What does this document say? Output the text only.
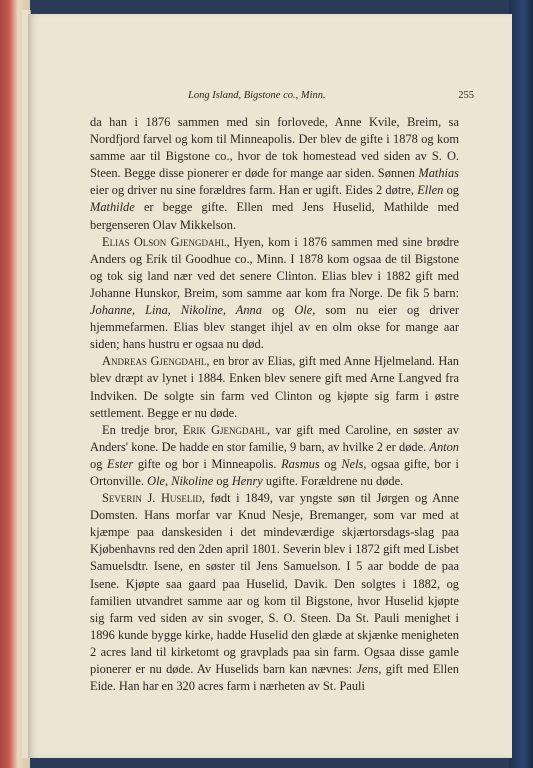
Long Island, Bigstone co., Minn.	255

da han i 1876 sammen med sin forlovede, Anne Kvile, Breim, sa Nordfjord farvel og kom til Minneapolis. Der blev de gifte i 1878 og kom samme aar til Bigstone co., hvor de tok homestead ved siden av S. O. Steen. Begge disse pionerer er døde for mange aar siden. Sønnen Mathias eier og driver nu sine forældres farm. Han er ugift. Eides 2 døtre, Ellen og Mathilde er begge gifte. Ellen med Jens Huselid, Mathilde med bergenseren Olav Mikkelson.

Elias Olson Gjengdahl, Hyen, kom i 1876 sammen med sine brødre Anders og Erik til Goodhue co., Minn. I 1878 kom ogsaa de til Bigstone og tok sig land nær ved det senere Clinton. Elias blev i 1882 gift med Johanne Hunskor, Breim, som samme aar kom fra Norge. De fik 5 barn: Johanne, Lina, Nikoline, Anna og Ole, som nu eier og driver hjemmefarmen. Elias blev stanget ihjel av en olm okse for mange aar siden; hans hustru er ogsaa nu død.

Andreas Gjengdahl, en bror av Elias, gift med Anne Hjelmeland. Han blev dræpt av lynet i 1884. Enken blev senere gift med Arne Langved fra Indviken. De solgte sin farm ved Clinton og kjøpte sig farm i østre settlement. Begge er nu døde.

En tredje bror, Erik Gjengdahl, var gift med Caroline, en søster av Anders' kone. De hadde en stor familie, 9 barn, av hvilke 2 er døde. Anton og Ester gifte og bor i Minneapolis. Rasmus og Nels, ogsaa gifte, bor i Ortonville. Ole, Nikoline og Henry ugifte. Forældrene nu døde.

Severin J. Huselid, født i 1849, var yngste søn til Jørgen og Anne Domsten. Hans morfar var Knud Nesje, Bremanger, som var med at kjæmpe paa danskesiden i det mindeværdige skjærtorsdags-slag paa Kjøbenhavns red den 2den april 1801. Severin blev i 1872 gift med Lisbet Samuelsdtr. Isene, en søster til Jens Samuelson. I 5 aar bodde de paa Isene. Kjøpte saa gaard paa Huselid, Davik. Den solgtes i 1882, og familien utvandret samme aar og kom til Bigstone, hvor Huselid kjøpte sig farm ved siden av sin svoger, S. O. Steen. Da St. Pauli menighet i 1896 kunde bygge kirke, hadde Huselid den glæde at skjænke menigheten 2 acres land til kirketomt og gravplads paa sin farm. Ogsaa disse gamle pionerer er nu døde. Av Huselids barn kan nævnes: Jens, gift med Ellen Eide. Han har en 320 acres farm i nærheten av St. Pauli
